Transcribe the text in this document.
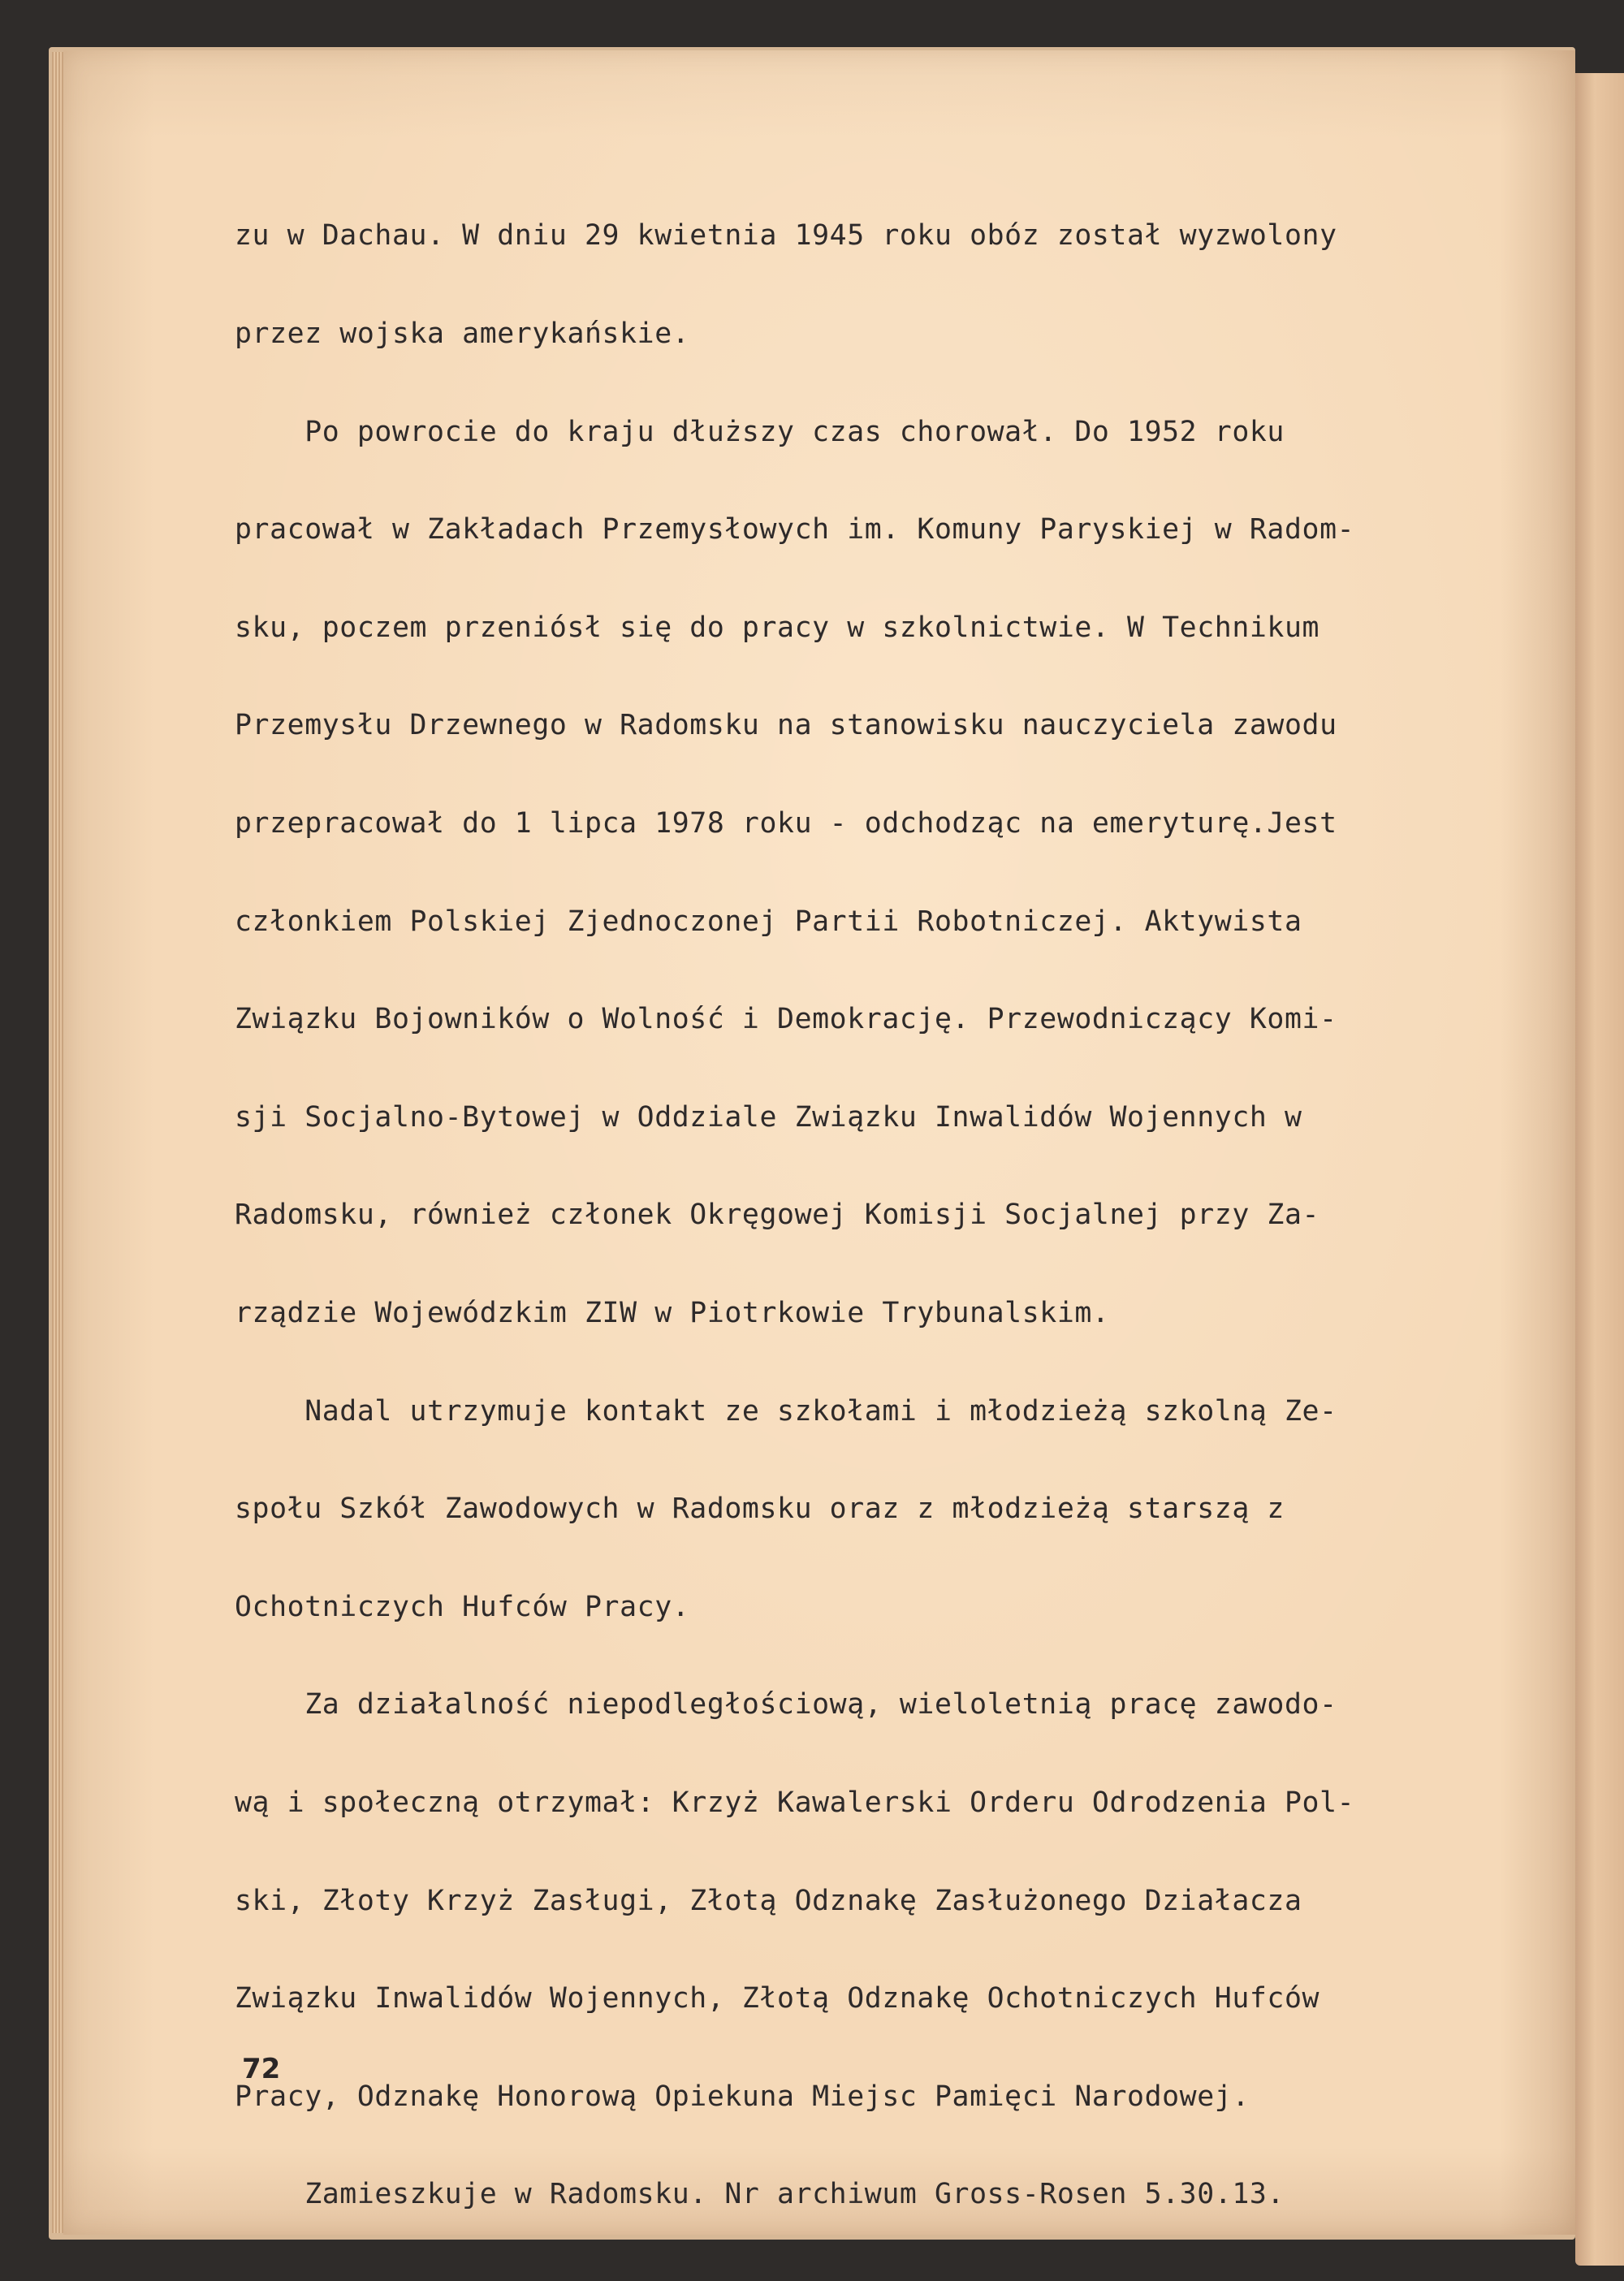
zu w Dachau. W dniu 29 kwietnia 1945 roku obóz został wyzwolony

przez wojska amerykańskie.

Po powrocie do kraju dłuższy czas chorował. Do 1952 roku

pracował w Zakładach Przemysłowych im. Komuny Paryskiej w Radom-

sku, poczem przeniósł się do pracy w szkolnictwie. W Technikum

Przemysłu Drzewnego w Radomsku na stanowisku nauczyciela zawodu

przepracował do 1 lipca 1978 roku - odchodząc na emeryturę.Jest

członkiem Polskiej Zjednoczonej Partii Robotniczej. Aktywista

Związku Bojowników o Wolność i Demokrację. Przewodniczący Komi-

sji Socjalno-Bytowej w Oddziale Związku Inwalidów Wojennych w

Radomsku, również członek Okręgowej Komisji Socjalnej przy Za-

rządzie Wojewódzkim ZIW w Piotrkowie Trybunalskim.

Nadal utrzymuje kontakt ze szkołami i młodzieżą szkolną Ze-

społu Szkół Zawodowych w Radomsku oraz z młodzieżą starszą z

Ochotniczych Hufców Pracy.

Za działalność niepodległościową, wieloletnią pracę zawodo-

wą i społeczną otrzymał: Krzyż Kawalerski Orderu Odrodzenia Pol-

ski, Złoty Krzyż Zasługi, Złotą Odznakę Zasłużonego Działacza

Związku Inwalidów Wojennych, Złotą Odznakę Ochotniczych Hufców

Pracy, Odznakę Honorową Opiekuna Miejsc Pamięci Narodowej.

Zamieszkuje w Radomsku. Nr archiwum Gross-Rosen 5.30.13.

72
